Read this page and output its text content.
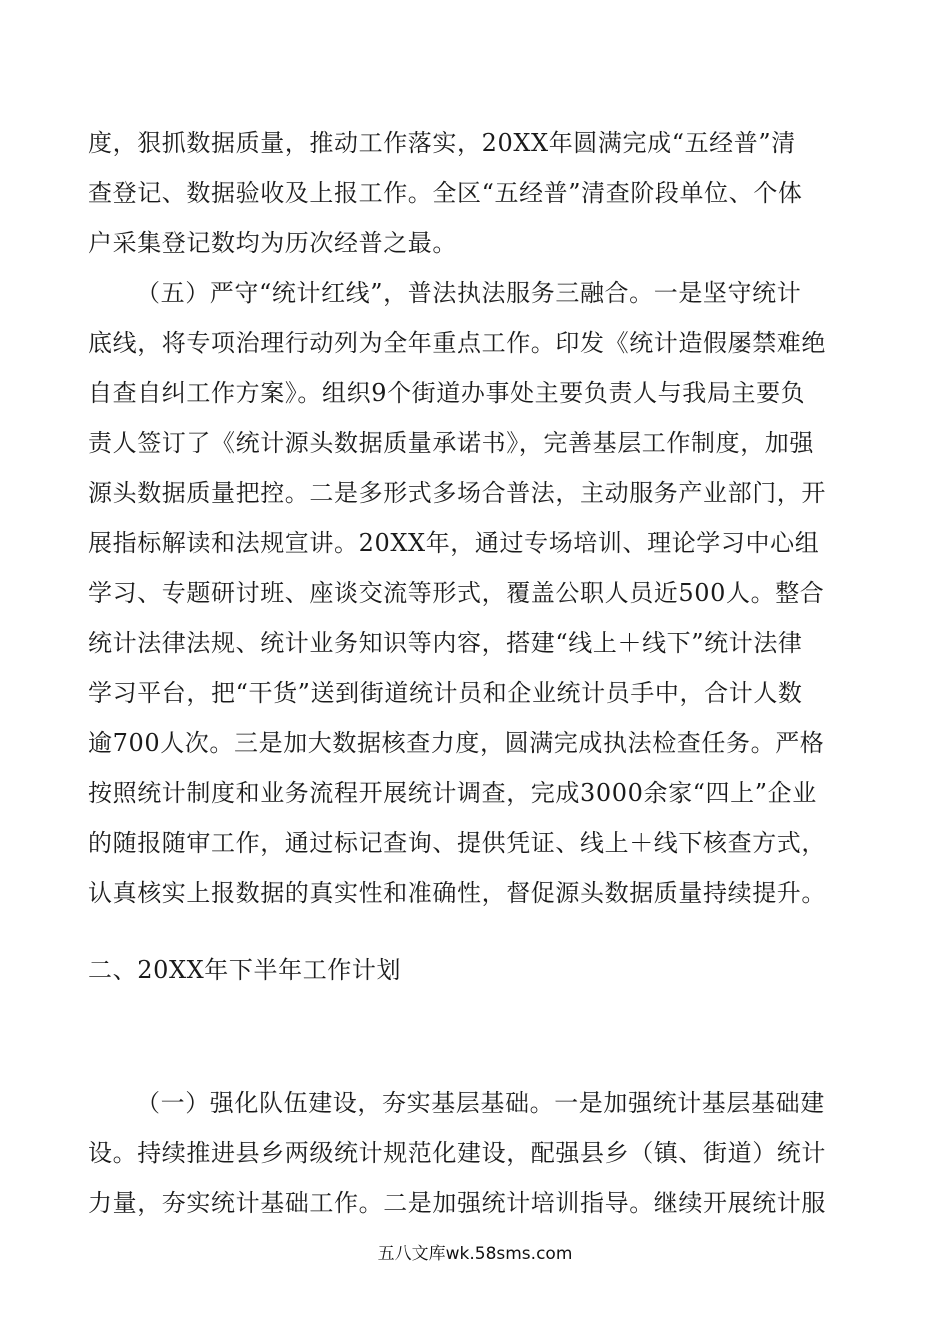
度，狠抓数据质量，推动工作落实，20XX年圆满完成“五经普”清
查登记、数据验收及上报工作。全区“五经普”清查阶段单位、个体
户采集登记数均为历次经普之最。
（五）严守“统计红线”，普法执法服务三融合。一是坚守统计
底线，将专项治理行动列为全年重点工作。印发《统计造假屡禁难绝
自查自纠工作方案》。组织9个街道办事处主要负责人与我局主要负
责人签订了《统计源头数据质量承诺书》，完善基层工作制度，加强
源头数据质量把控。二是多形式多场合普法，主动服务产业部门，开
展指标解读和法规宣讲。20XX年，通过专场培训、理论学习中心组
学习、专题研讨班、座谈交流等形式，覆盖公职人员近500人。整合
统计法律法规、统计业务知识等内容，搭建“线上＋线下”统计法律
学习平台，把“干货”送到街道统计员和企业统计员手中，合计人数
逾700人次。三是加大数据核查力度，圆满完成执法检查任务。严格
按照统计制度和业务流程开展统计调查，完成3000余家“四上”企业
的随报随审工作，通过标记查询、提供凭证、线上＋线下核查方式，
认真核实上报数据的真实性和准确性，督促源头数据质量持续提升。
二、20XX年下半年工作计划
（一）强化队伍建设，夯实基层基础。一是加强统计基层基础建
设。持续推进县乡两级统计规范化建设，配强县乡（镇、街道）统计
力量，夯实统计基础工作。二是加强统计培训指导。继续开展统计服
五八文库wk.58sms.com
